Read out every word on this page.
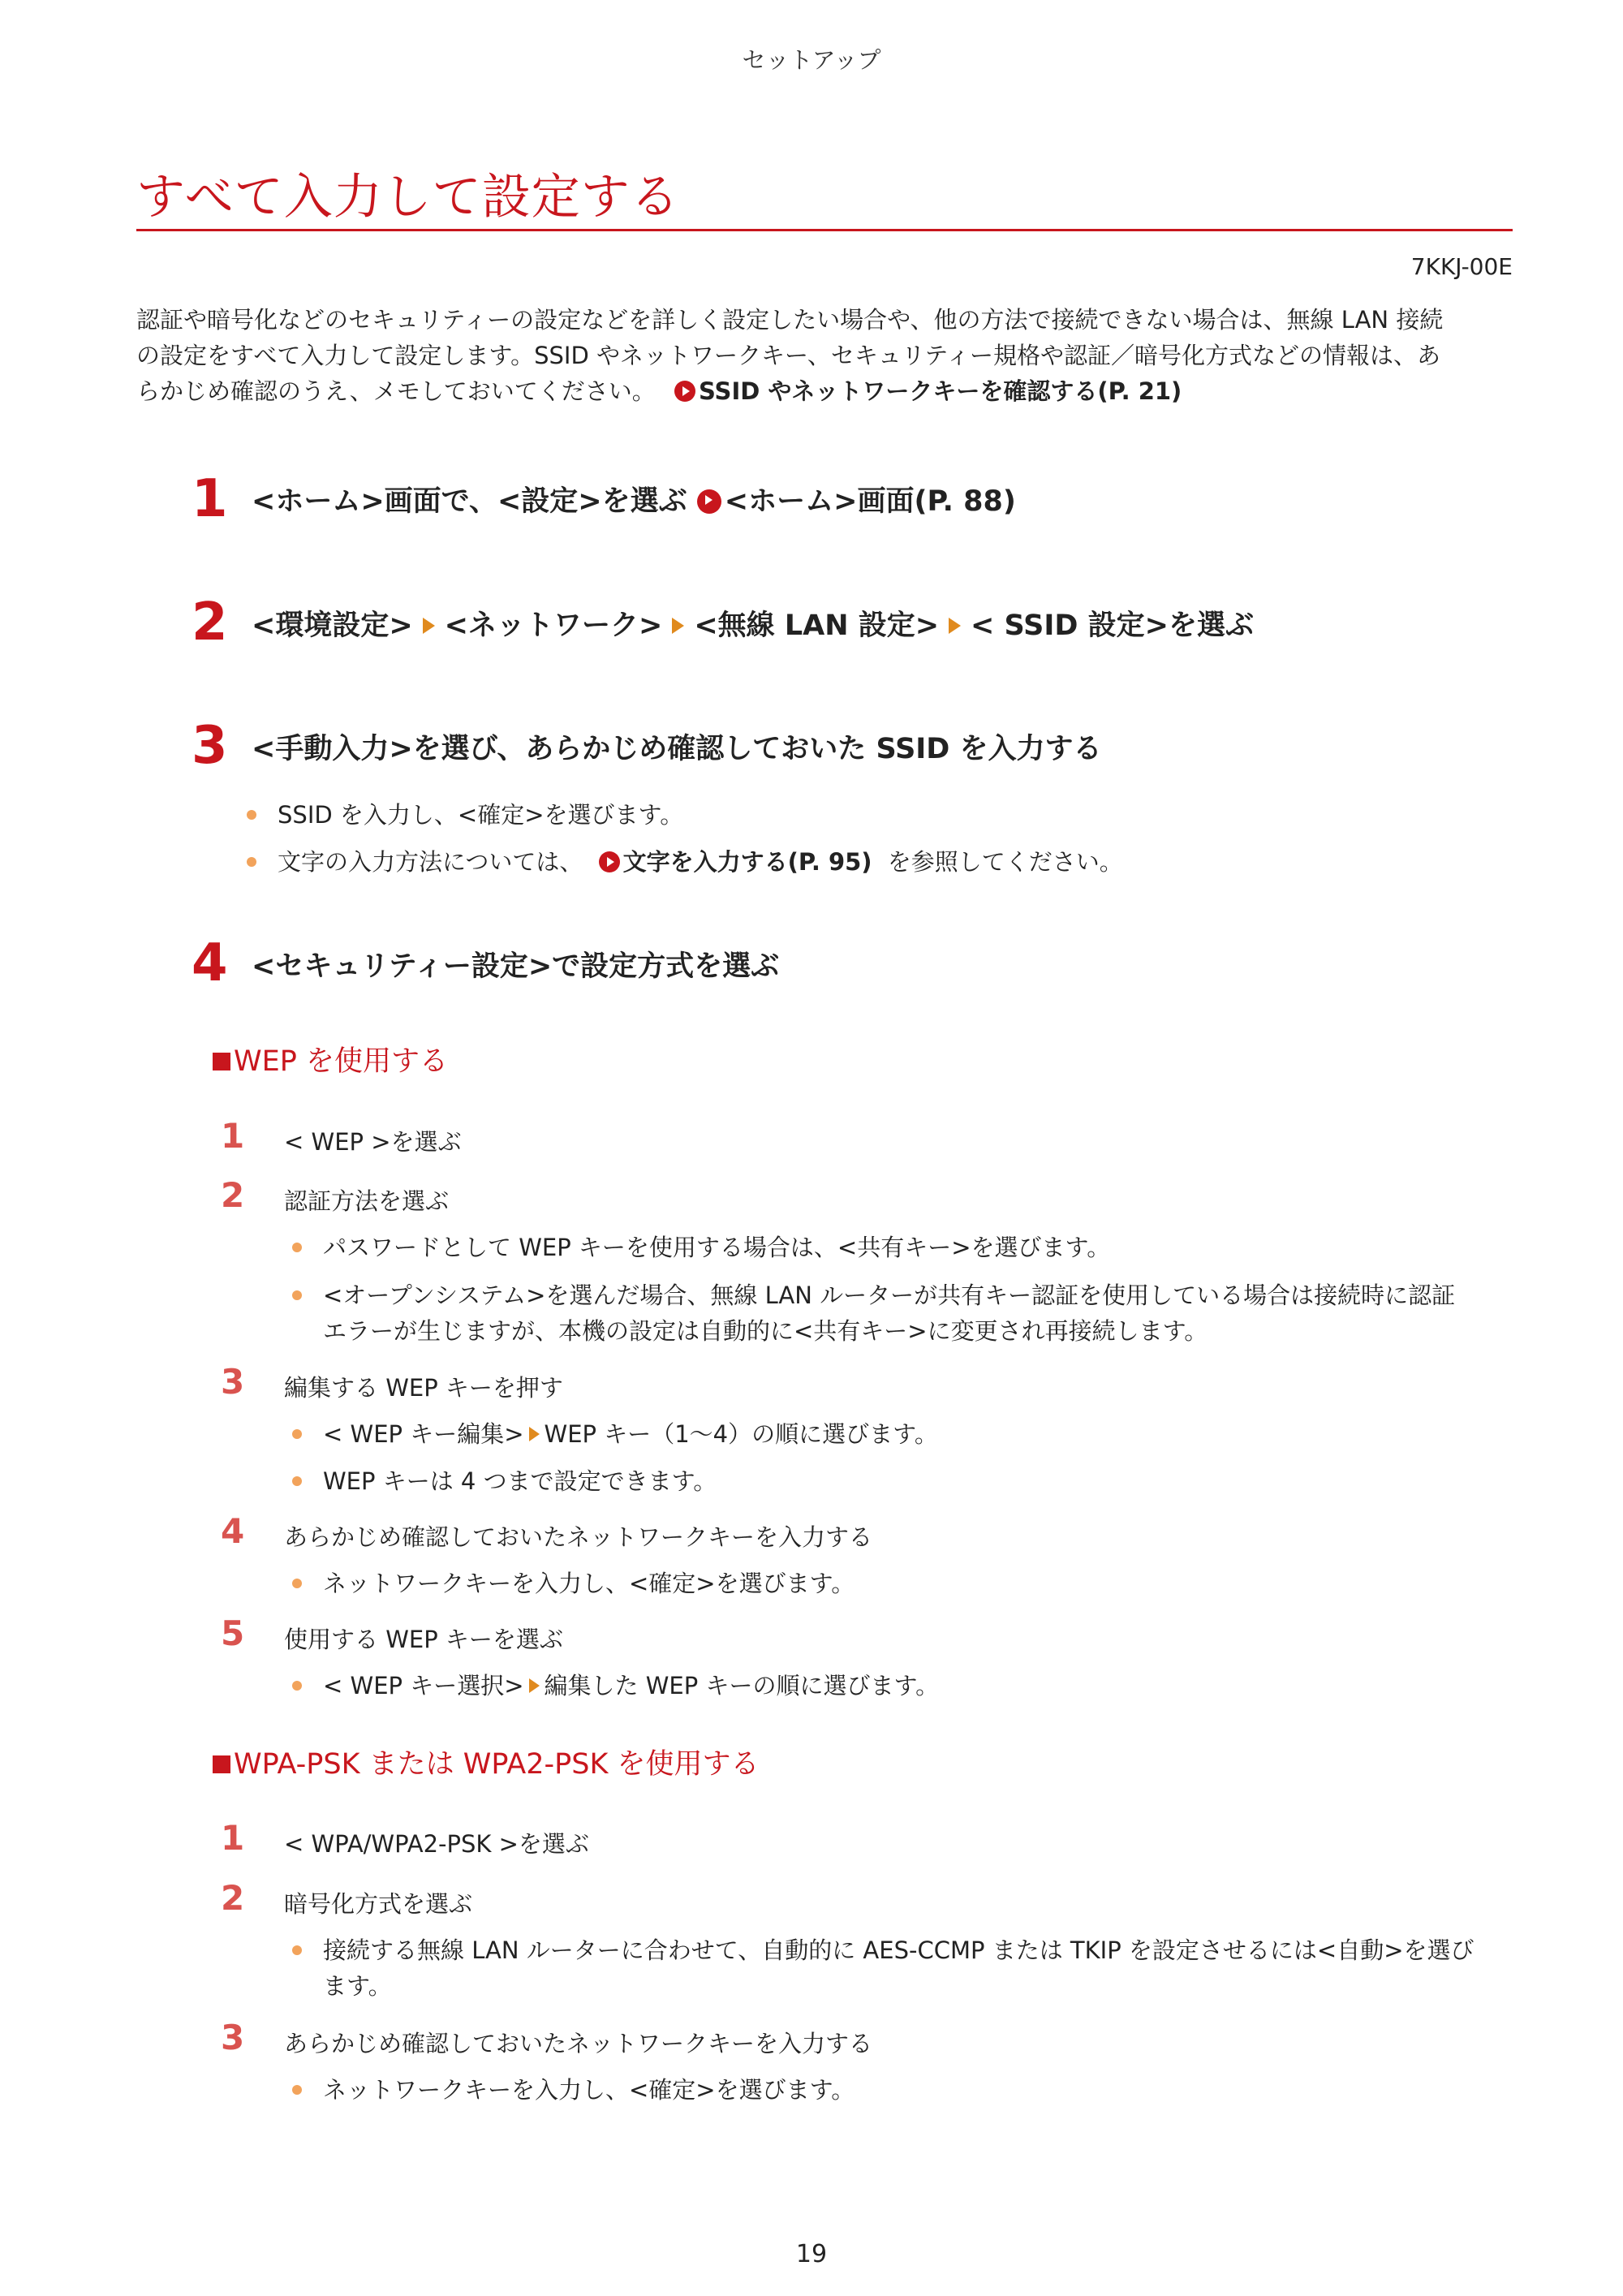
セットアップ
すべて入力して設定する
7KKJ-00E
認証や暗号化などのセキュリティーの設定などを詳しく設定したい場合や、他の方法で接続できない場合は、無線 LAN 接続
の設定をすべて入力して設定します。SSID やネットワークキー、セキュリティー規格や認証／暗号化方式などの情報は、あ
らかじめ確認のうえ、メモしておいてください。 SSID やネットワークキーを確認する(P. 21)
1 <ホーム>画面で、<設定>を選ぶ <ホーム>画面(P. 88)
2 <環境設定> <ネットワーク> <無線 LAN 設定> < SSID 設定>を選ぶ
3 <手動入力>を選び、あらかじめ確認しておいた SSID を入力する
SSID を入力し、<確定>を選びます。
文字の入力方法については、 文字を入力する(P. 95) を参照してください。
4 <セキュリティー設定>で設定方式を選ぶ
WEP を使用する
1 < WEP >を選ぶ
2 認証方法を選ぶ
パスワードとして WEP キーを使用する場合は、<共有キー>を選びます。
<オープンシステム>を選んだ場合、無線 LAN ルーターが共有キー認証を使用している場合は接続時に認証
エラーが生じますが、本機の設定は自動的に<共有キー>に変更され再接続します。
3 編集する WEP キーを押す
< WEP キー編集> WEP キー（1〜4）の順に選びます。
WEP キーは 4 つまで設定できます。
4 あらかじめ確認しておいたネットワークキーを入力する
ネットワークキーを入力し、<確定>を選びます。
5 使用する WEP キーを選ぶ
< WEP キー選択> 編集した WEP キーの順に選びます。
WPA-PSK または WPA2-PSK を使用する
1 < WPA/WPA2-PSK >を選ぶ
2 暗号化方式を選ぶ
接続する無線 LAN ルーターに合わせて、自動的に AES-CCMP または TKIP を設定させるには<自動>を選び
ます。
3 あらかじめ確認しておいたネットワークキーを入力する
ネットワークキーを入力し、<確定>を選びます。
19
